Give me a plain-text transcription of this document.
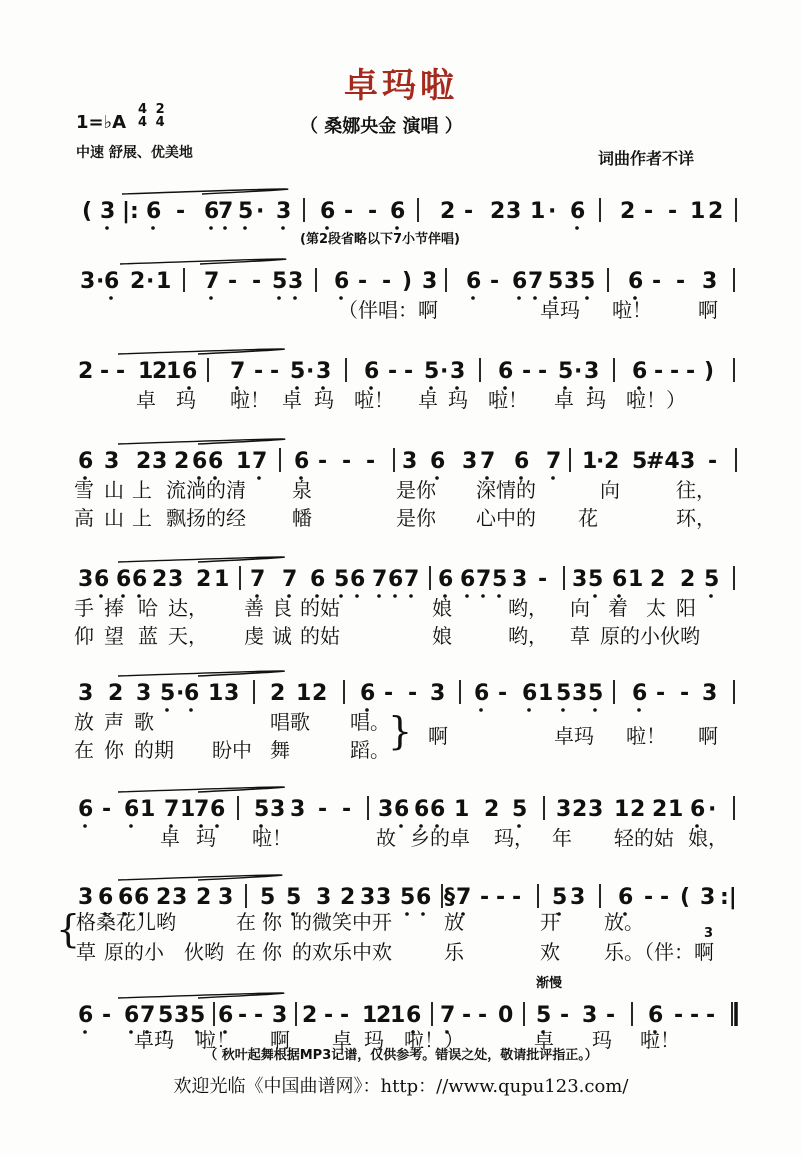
卓玛啦
1=♭A
4
4 2
4
中速 舒展、优美地
（ 桑娜央金 演唱 ）
词曲作者不详
(第2段省略以下7小节伴唱)
渐慢
3
( 3 |: 6 - 6
7 5 · 3 6 - - 6 2 - 2 3 1 · 6 2 - - 1 2
3 · 6 2 · 1 7 - - 5 3 6 - - ) 3 6 - 6 7 5 3 5 6 - - 3
2 - - 1
2
1 6 7 - - 5 · 3 6 - - 5 · 3 6 - - 5 · 3 6 - - - )
6 3 2 3 2 6 6 1 7 6 - - - 3 6 3 7 6 7 1
· 2 5
#4 3 -
3 6 6 6 2 3 2 1 7 7 6 5 6 7 6 7 6 6 7 5 3 - 3 5 6 1 2 2 5
3 2 3 5 · 6 1 3 2 1 2 6 - - 3 6 - 6 1 5 3 5 6 - - 3
6 - 6 1 7 1
7 6 5 3 3 - - 3 6 6 6 1 2 5 3 2 3 1 2 2 1 6 ·
3 6 6 6 2 3 2 3 5 5 3 2 3 3 5 6 § 7 - - - 5 3 6 - - ( 3 :|
6 - 6 7 5 3 5 6 - - 3 2 - - 1
2
1 6 7 - - 0 5 - 3 - 6 - - -
（伴唱：啊	卓玛 啦！ 啊
卓 玛 啦！ 卓 玛 啦！ 卓 玛 啦！ 卓 玛 啦！）
雪 山 上 流淌的清 泉	是你 深情的	向	往，
高 山 上 飘扬的经 幡	是你 心中的 花	环，
手 捧 哈 达， 善 良 的姑	娘	哟， 向 着 太 阳
仰 望 蓝 天， 虔 诚 的姑	娘	哟， 草 原的小伙哟
放 声 歌	唱歌 唱。
在 你 的期 盼中 舞	蹈。
} 啊	卓玛 啦！ 啊
卓 玛 啦！	故 乡的卓 玛， 年 轻的姑 娘，
{
格桑花儿哟	在 你 的微笑中开	放	开 放。
草 原的小 伙哟 在 你 的欢乐中欢	乐	欢 乐。（伴：啊
卓玛 啦！ 啊 卓 玛 啦！）	卓 玛 啦！
（ 秋叶起舞根据MP3记谱，仅供参考。错误之处，敬请批评指正。）
欢迎光临《中国曲谱网》：http：//www.qupu123.com/
